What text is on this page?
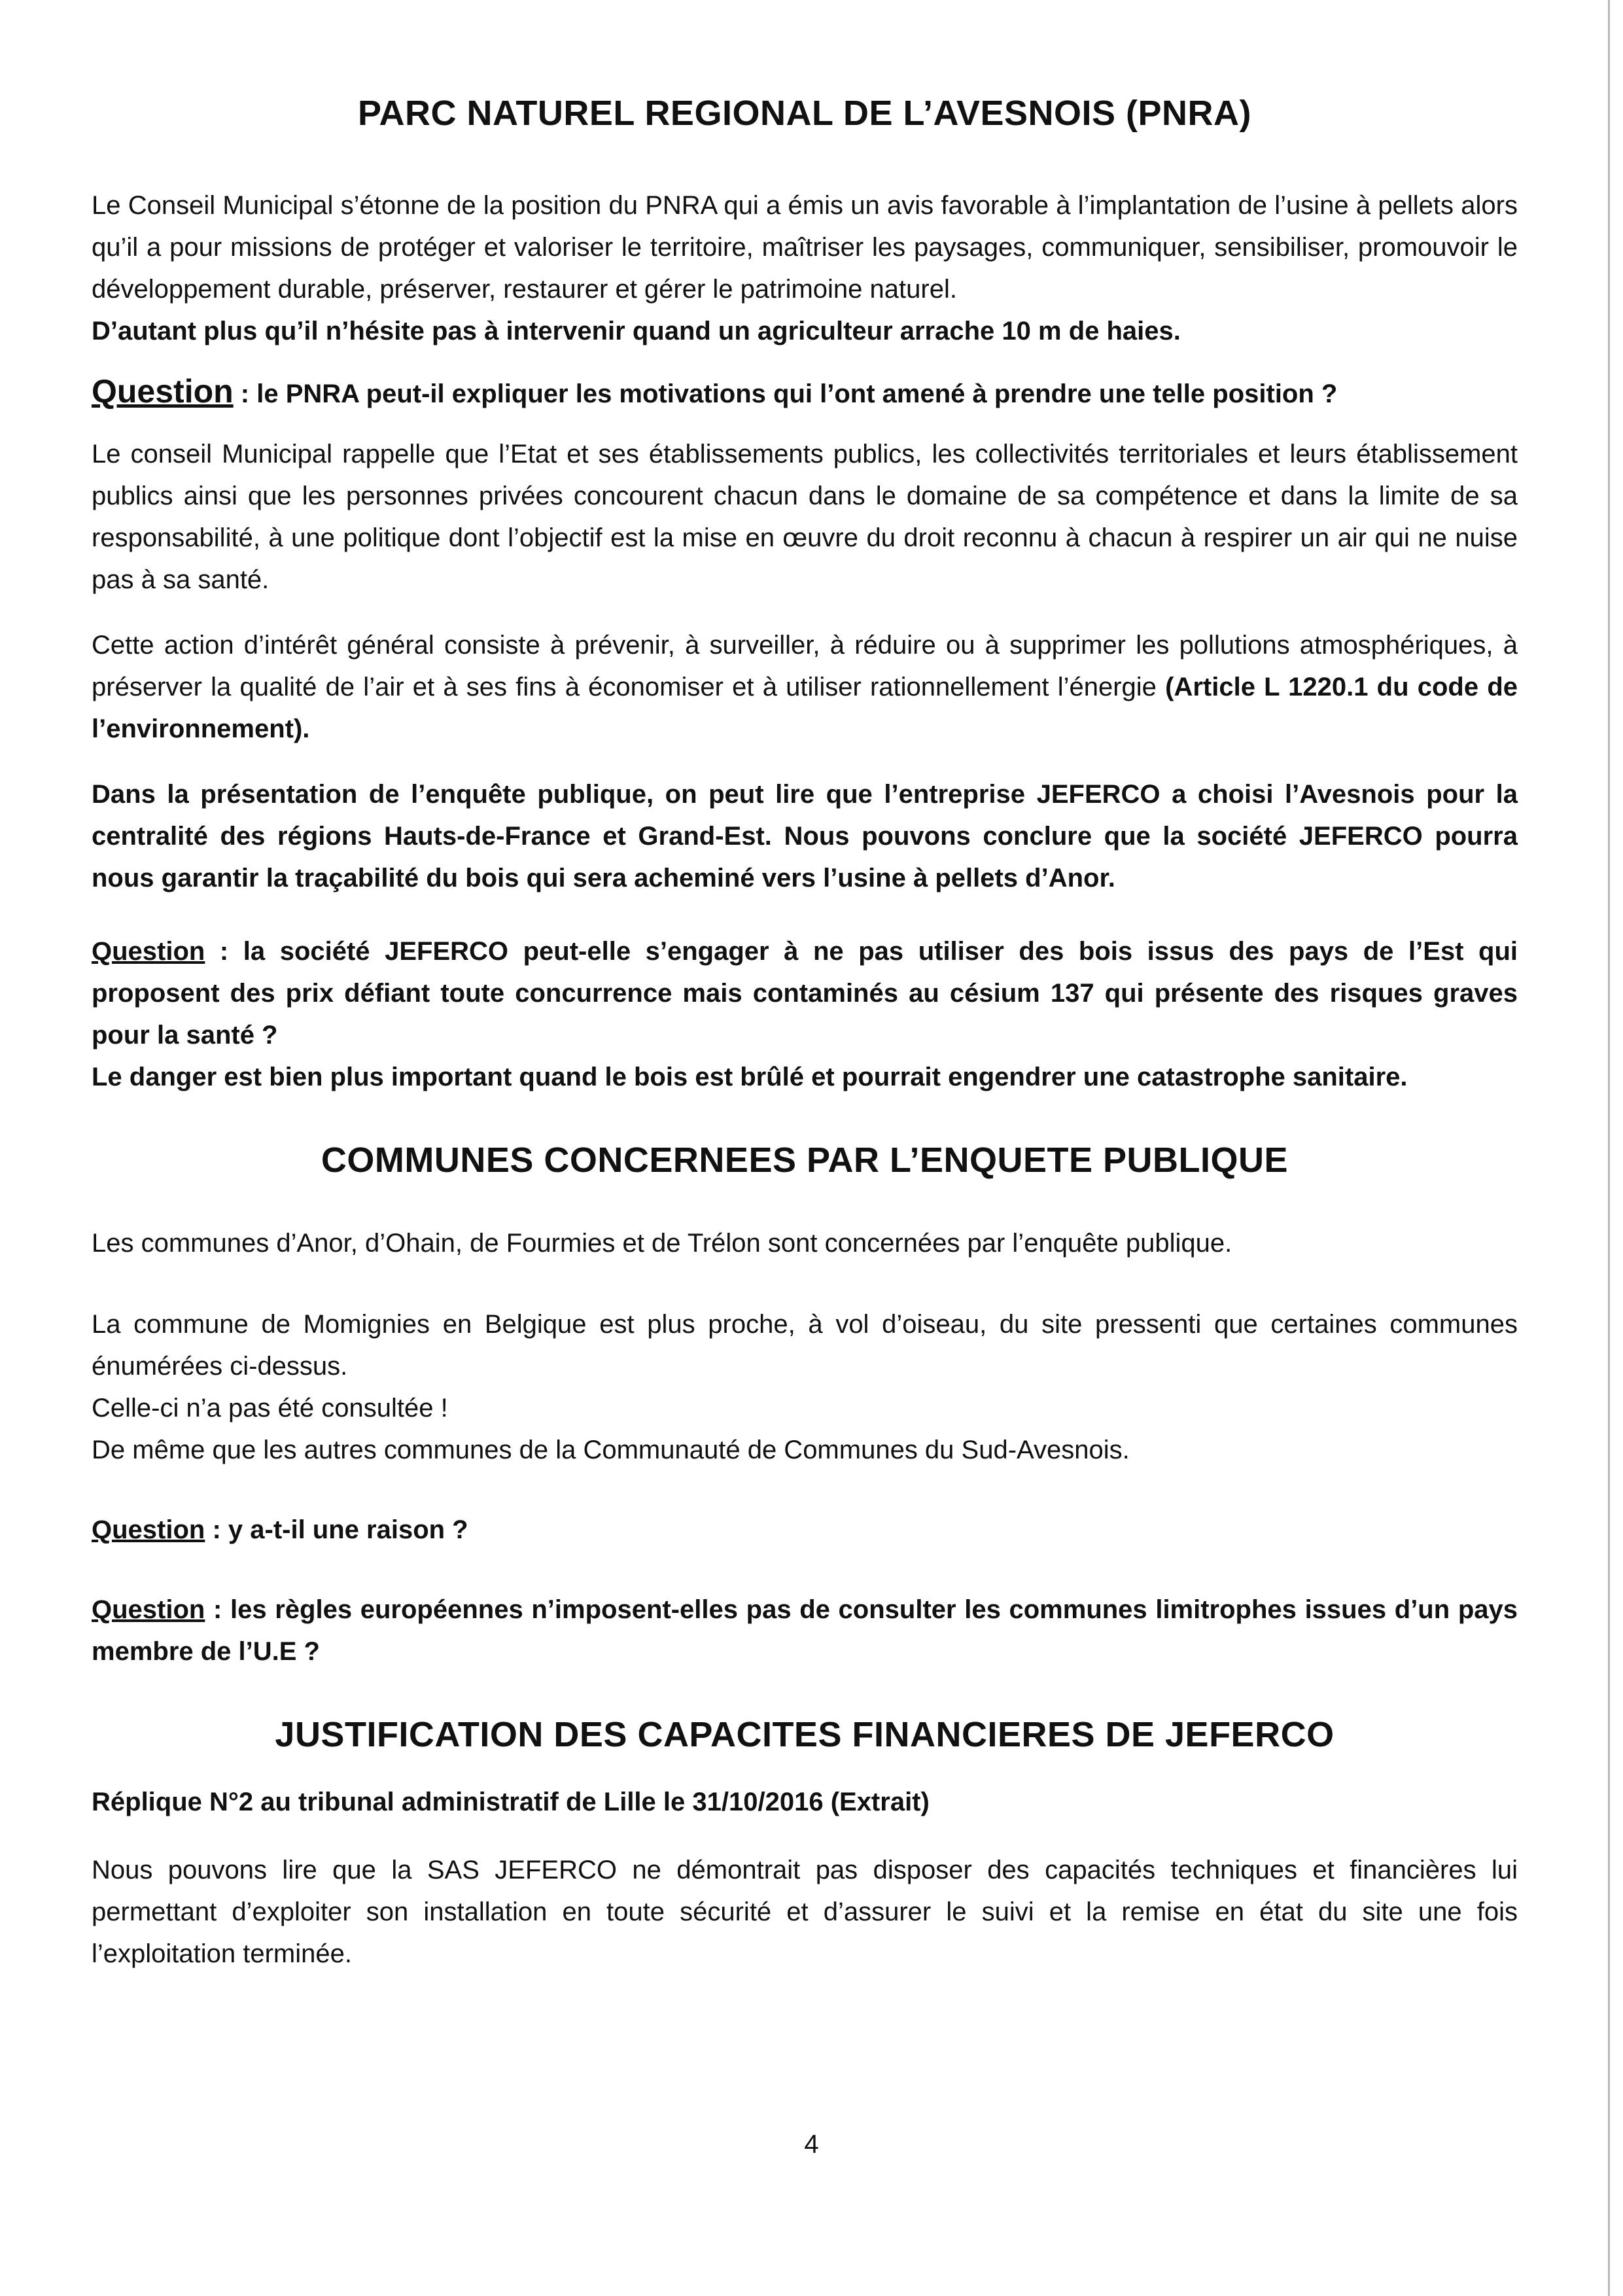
PARC NATUREL REGIONAL DE L’AVESNOIS (PNRA)

Le Conseil Municipal s’étonne de la position du PNRA qui a émis un avis favorable à l’implantation de l’usine à pellets alors qu’il a pour missions de protéger et valoriser le territoire, maîtriser les paysages, communiquer, sensibiliser, promouvoir le développement durable, préserver, restaurer et gérer le patrimoine naturel.
D’autant plus qu’il n’hésite pas à intervenir quand un agriculteur arrache 10 m de haies.

Question : le PNRA peut-il expliquer les motivations qui l’ont amené à prendre une telle position ?

Le conseil Municipal rappelle que l’Etat et ses établissements publics, les collectivités territoriales et leurs établissement publics ainsi que les personnes privées concourent chacun dans le domaine de sa compétence et dans la limite de sa responsabilité, à une politique dont l’objectif est la mise en œuvre du droit reconnu à chacun à respirer un air qui ne nuise pas à sa santé.

Cette action d’intérêt général consiste à prévenir, à surveiller, à réduire ou à supprimer les pollutions atmosphériques, à préserver la qualité de l’air et à ses fins à économiser et à utiliser rationnellement l’énergie (Article L 1220.1 du code de l’environnement).

Dans la présentation de l’enquête publique, on peut lire que l’entreprise JEFERCO a choisi l’Avesnois pour la centralité des régions Hauts-de-France et Grand-Est. Nous pouvons conclure que la société JEFERCO pourra nous garantir la traçabilité du bois qui sera acheminé vers l’usine à pellets d’Anor.

Question : la société JEFERCO peut-elle s’engager à ne pas utiliser des bois issus des pays de l’Est qui proposent des prix défiant toute concurrence mais contaminés au césium 137 qui présente des risques graves pour la santé ?
Le danger est bien plus important quand le bois est brûlé et pourrait engendrer une catastrophe sanitaire.

COMMUNES CONCERNEES PAR L’ENQUETE PUBLIQUE

Les communes d’Anor, d’Ohain, de Fourmies et de Trélon sont concernées par l’enquête publique.

La commune de Momignies en Belgique est plus proche, à vol d’oiseau, du site pressenti que certaines communes énumérées ci-dessus.
Celle-ci n’a pas été consultée !
De même que les autres communes de la Communauté de Communes du Sud-Avesnois.

Question : y a-t-il une raison ?

Question : les règles européennes n’imposent-elles pas de consulter les communes limitrophes issues d’un pays membre de l’U.E ?

JUSTIFICATION DES CAPACITES FINANCIERES DE JEFERCO

Réplique N°2 au tribunal administratif de Lille le 31/10/2016 (Extrait)

Nous pouvons lire que la SAS JEFERCO ne démontrait pas disposer des capacités techniques et financières lui permettant d’exploiter son installation en toute sécurité et d’assurer le suivi et la remise en état du site une fois l’exploitation terminée.

4
